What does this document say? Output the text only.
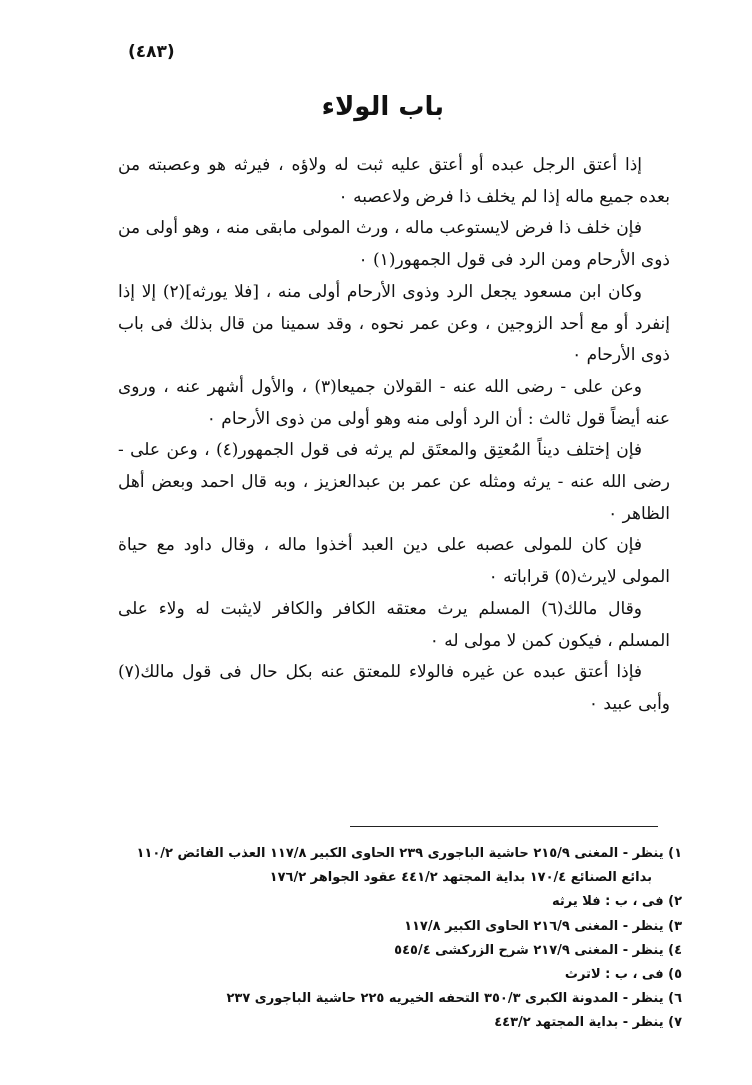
(٤٨٣)
باب الولاء

إذا أعتق الرجل عبده أو أعتق عليه ثبت له ولاؤه ، فيرثه هو وعصبته من بعده جميع ماله إذا لم يخلف ذا فرض ولاعصبه ٠

فإن خلف ذا فرض لايستوعب ماله ، ورث المولى مابقى منه ، وهو أولى من ذوى الأرحام ومن الرد فى قول الجمهور(١) ٠

وكان ابن مسعود يجعل الرد وذوى الأرحام أولى منه ، [فلا يورثه](٢) إلا إذا إنفرد أو مع أحد الزوجين ، وعن عمر نحوه ، وقد سمينا من قال بذلك فى باب ذوى الأرحام ٠

وعن على - رضى الله عنه - القولان جميعا(٣) ، والأول أشهر عنه ، وروى عنه أيضاً قول ثالث : أن الرد أولى منه وهو أولى من ذوى الأرحام ٠

فإن إختلف ديناً المُعتِق والمعتَق لم يرثه فى قول الجمهور(٤) ، وعن على - رضى الله عنه - يرثه ومثله عن عمر بن عبدالعزيز ، وبه قال احمد وبعض أهل الظاهر ٠

فإن كان للمولى عصبه على دين العبد أخذوا ماله ، وقال داود مع حياة المولى لايرث(٥) قراباته ٠

وقال مالك(٦) المسلم يرث معتقه الكافر والكافر لايثبت له ولاء على المسلم ، فيكون كمن لا مولى له ٠

فإذا أعتق عبده عن غيره فالولاء للمعتق عنه بكل حال فى قول مالك(٧) وأبى عبيد ٠

١) ينظر - المغنى ٢١٥/٩ حاشية الباجورى ٢٣٩ الحاوى الكبير ١١٧/٨ العذب الفائض ١١٠/٢
بدائع الصنائع ١٧٠/٤ بداية المجتهد ٤٤١/٢ عقود الجواهر ١٧٦/٢
٢) فى ، ب : فلا يرثه
٣) ينظر - المغنى ٢١٦/٩ الحاوى الكبير ١١٧/٨
٤) ينظر - المغنى ٢١٧/٩ شرح الزركشى ٥٤٥/٤
٥) فى ، ب : لاترث
٦) ينظر - المدونة الكبرى ٣٥٠/٣ التحفه الخيريه ٢٢٥ حاشية الباجورى ٢٣٧
٧) ينظر - بداية المجتهد ٤٤٣/٢
